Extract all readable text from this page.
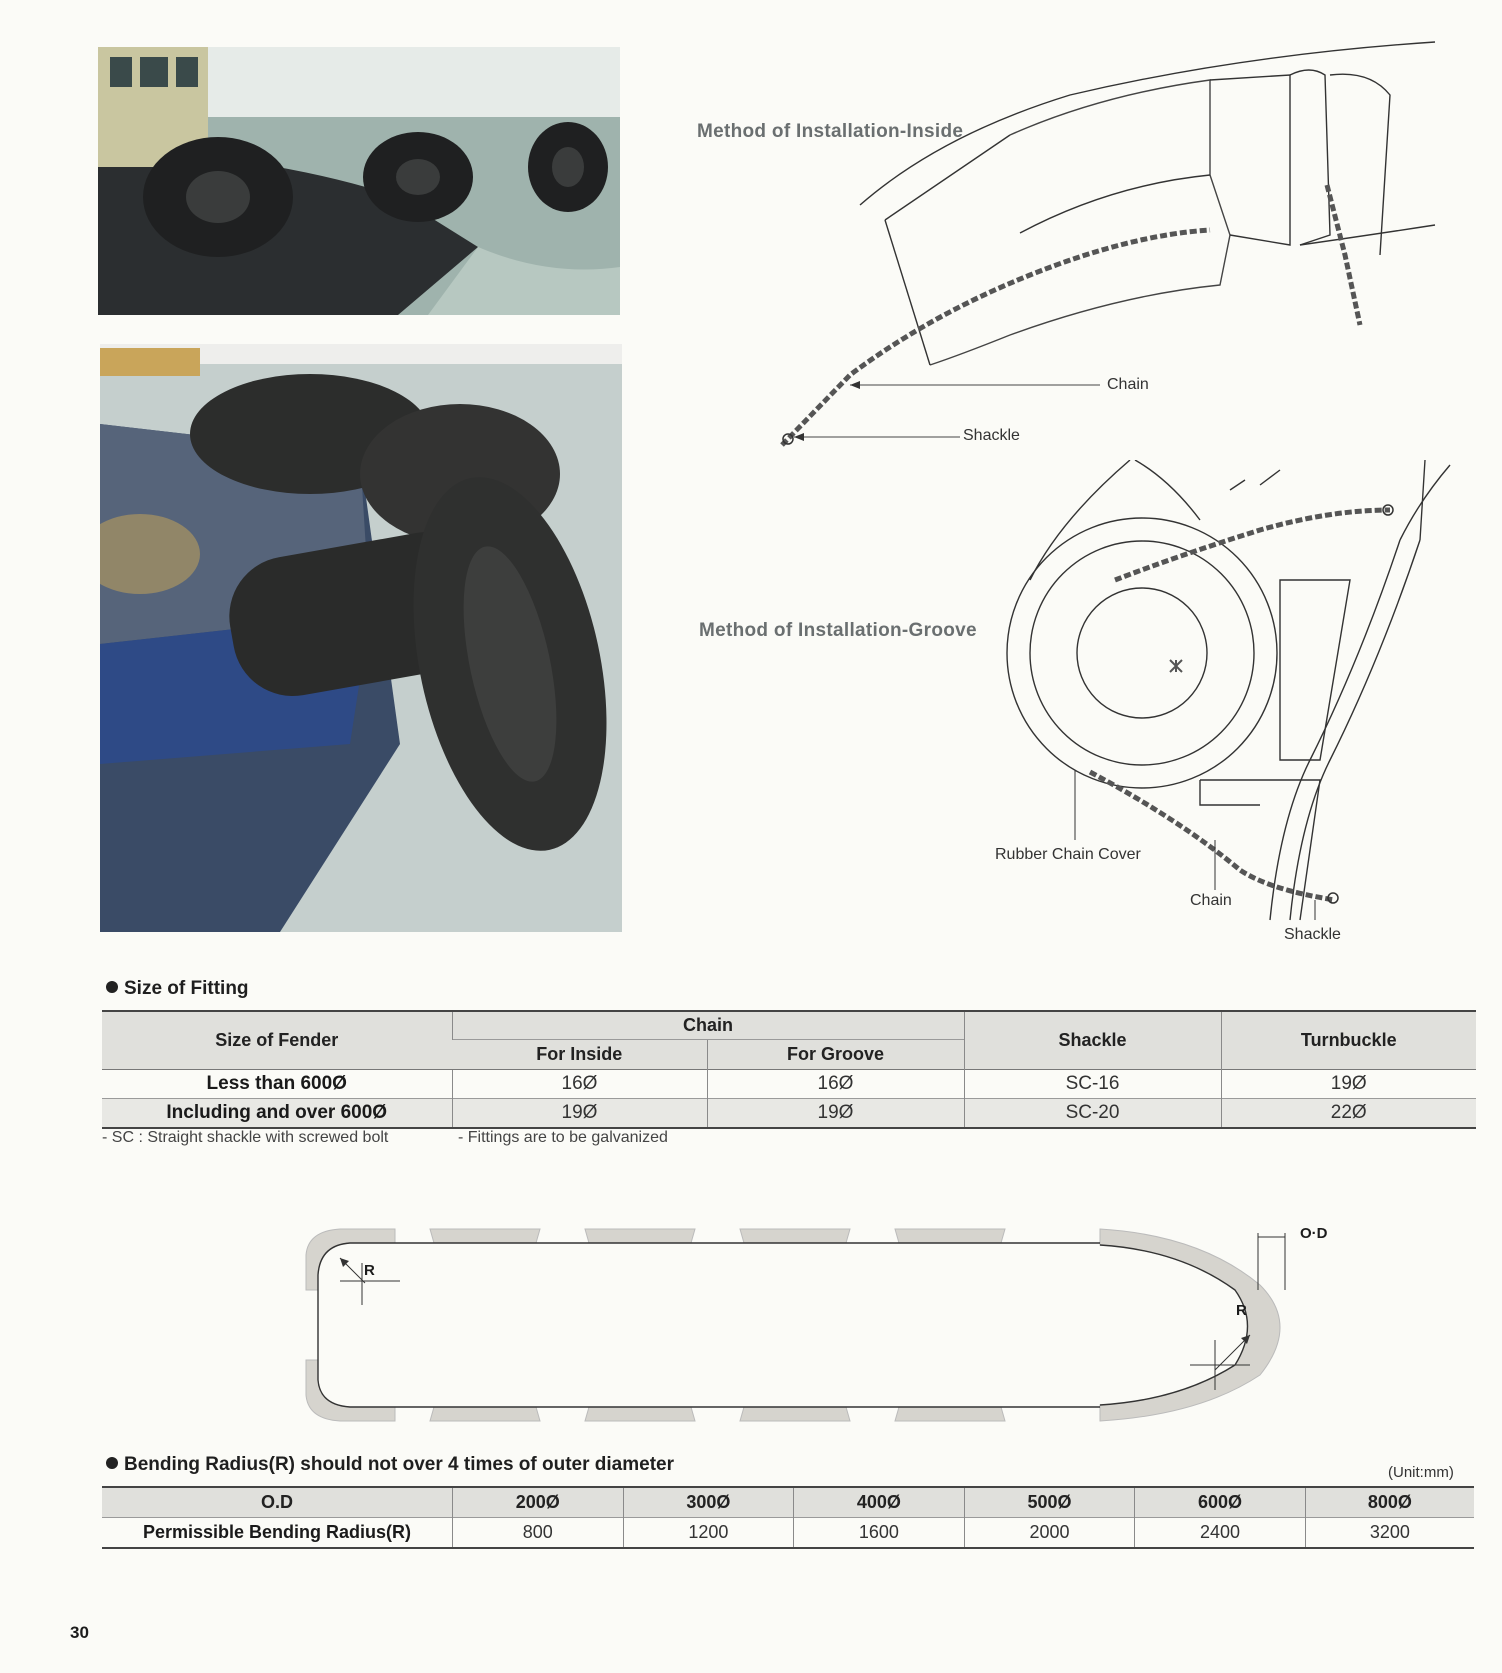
Method of Installation-Inside
Method of Installation-Groove
Chain
Shackle
Rubber Chain Cover
Chain
Shackle
Size of Fitting
Size of Fender	Chain		Shackle	Turnbuckle
	For Inside	For Groove		
Less than 600Ø	16Ø	16Ø	SC-16	19Ø
Including and over 600Ø	19Ø	19Ø	SC-20	22Ø
- SC : Straight shackle with screwed bolt	- Fittings are to be galvanized
R
R
O·D
Bending Radius(R) should not over 4 times of outer diameter	(Unit:mm)
O.D	200Ø	300Ø	400Ø	500Ø	600Ø	800Ø
Permissible Bending Radius(R)	800	1200	1600	2000	2400	3200
30
